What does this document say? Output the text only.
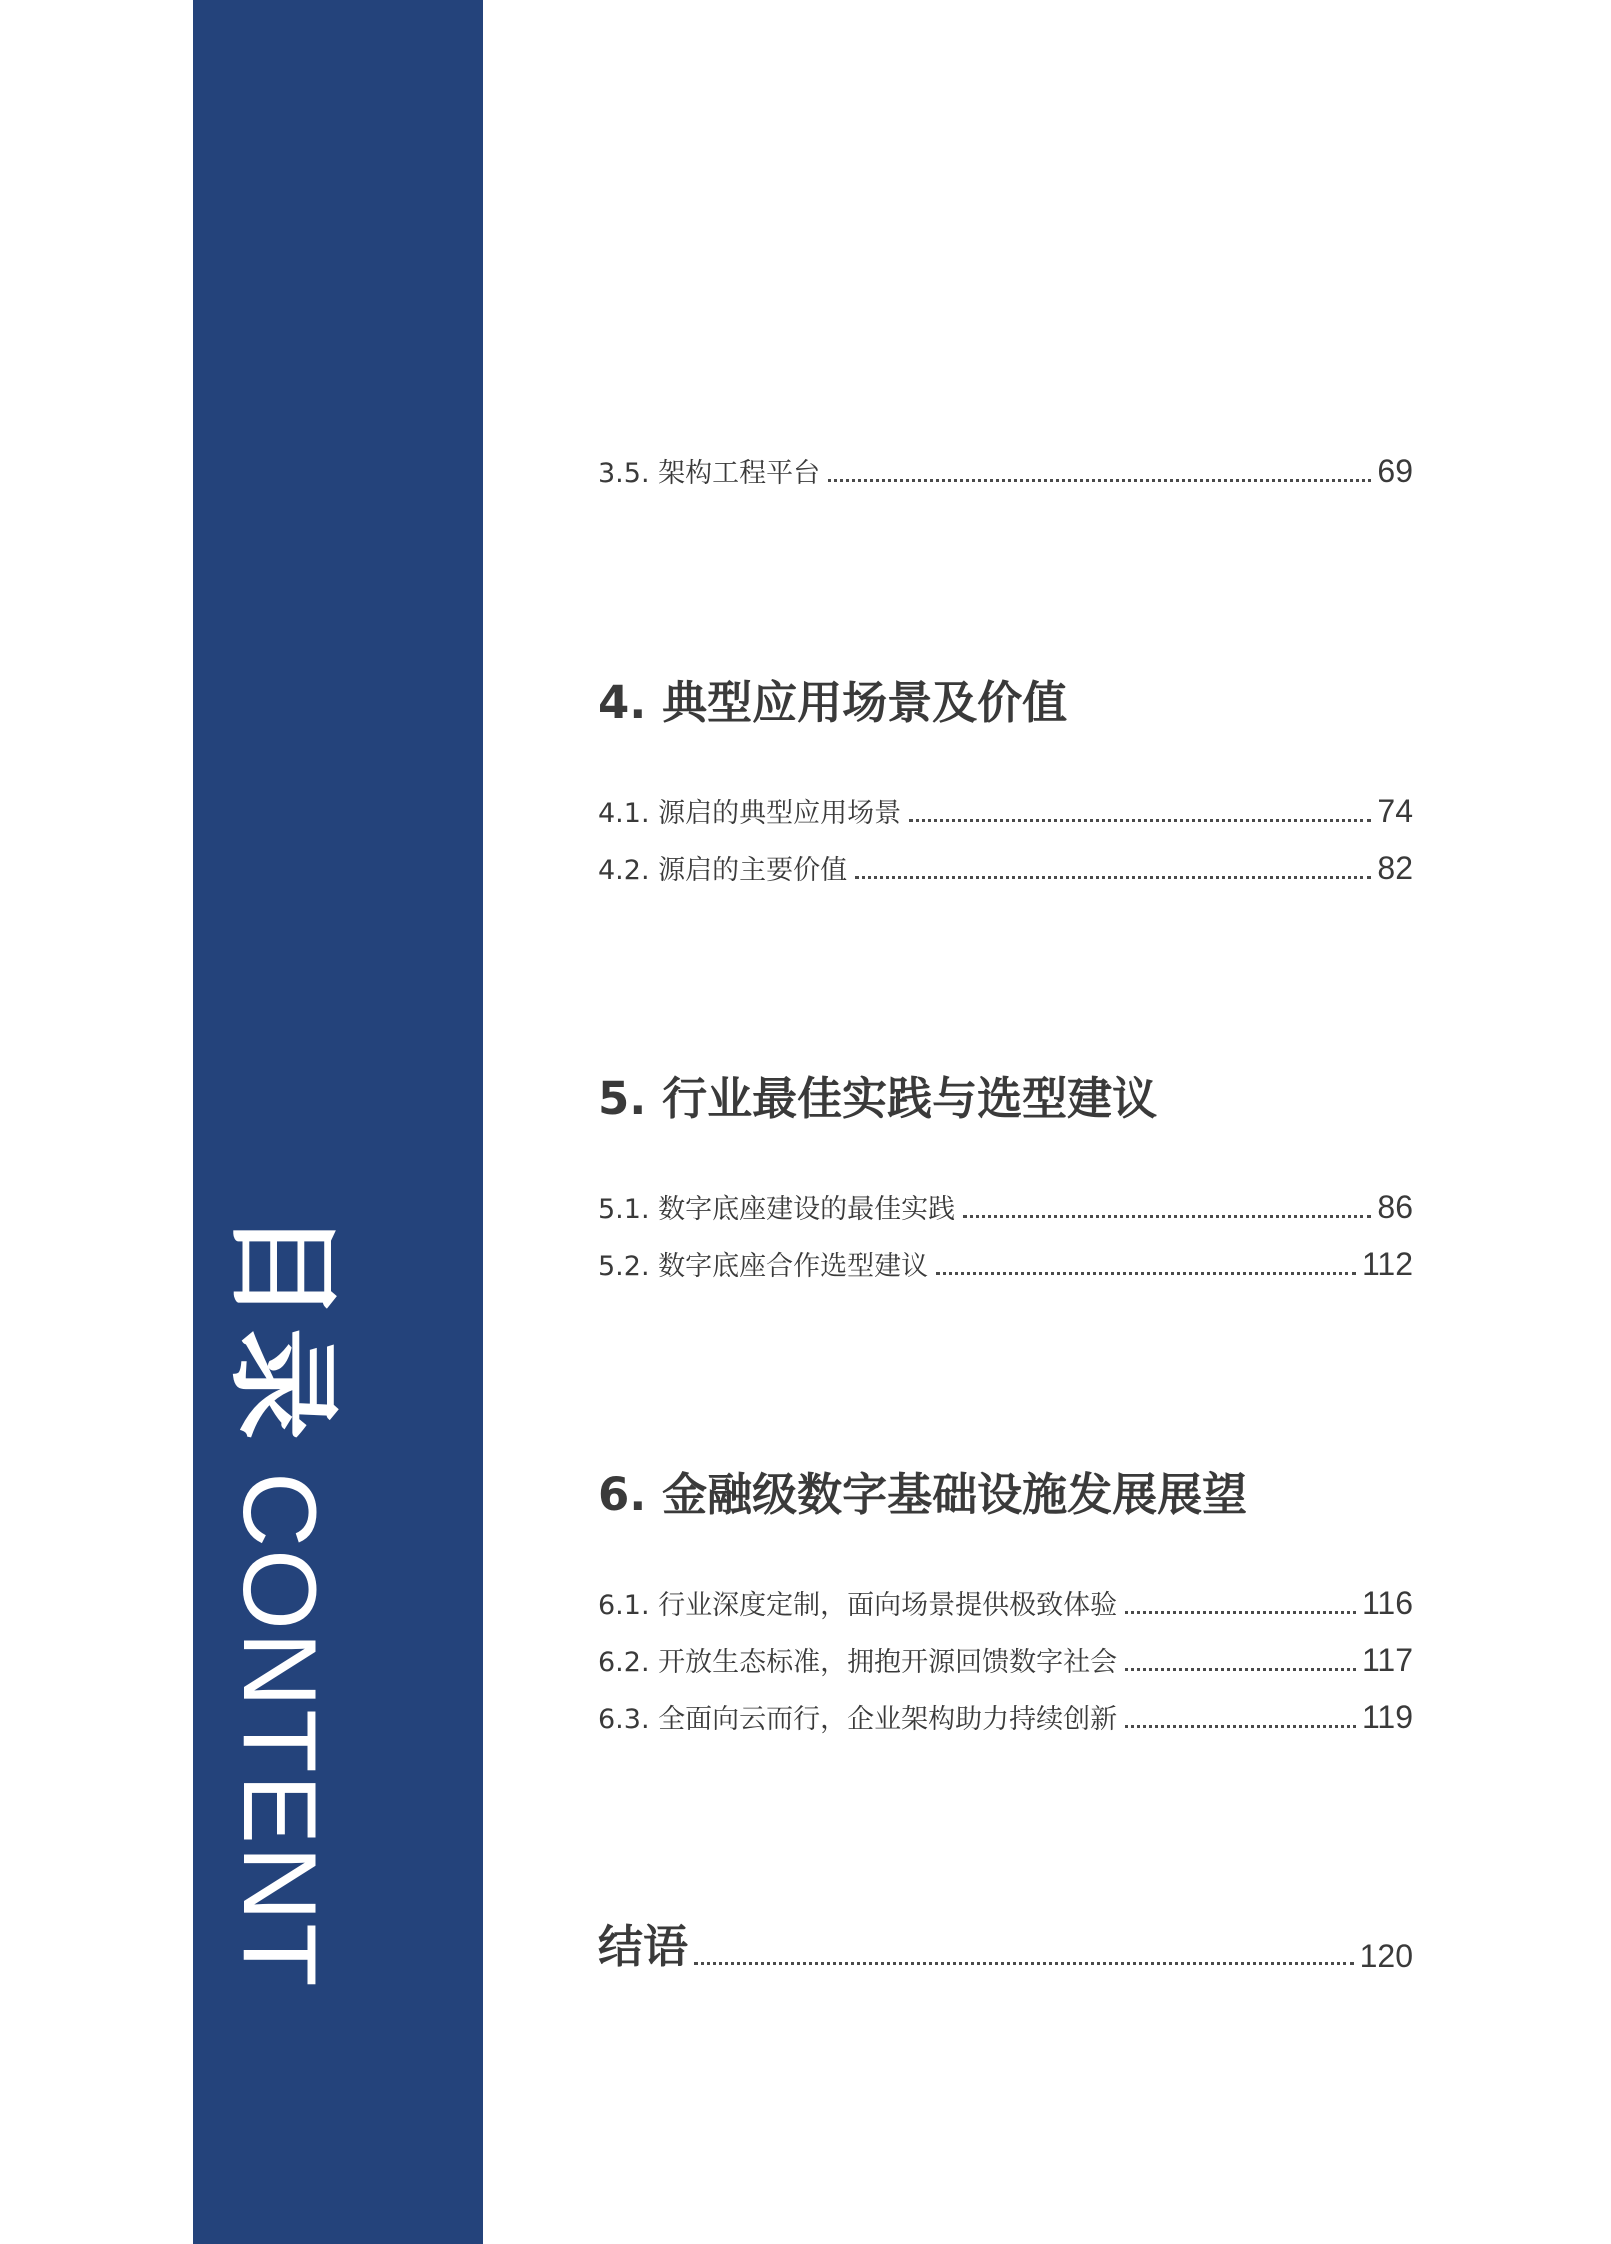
目录CONTENT
3.5. 架构工程平台	69
4. 典型应用场景及价值
4.1. 源启的典型应用场景	74
4.2. 源启的主要价值	82
5. 行业最佳实践与选型建议
5.1. 数字底座建设的最佳实践	86
5.2. 数字底座合作选型建议	112
6. 金融级数字基础设施发展展望
6.1. 行业深度定制，面向场景提供极致体验	116
6.2. 开放生态标准，拥抱开源回馈数字社会	117
6.3. 全面向云而行，企业架构助力持续创新	119
结语	120
